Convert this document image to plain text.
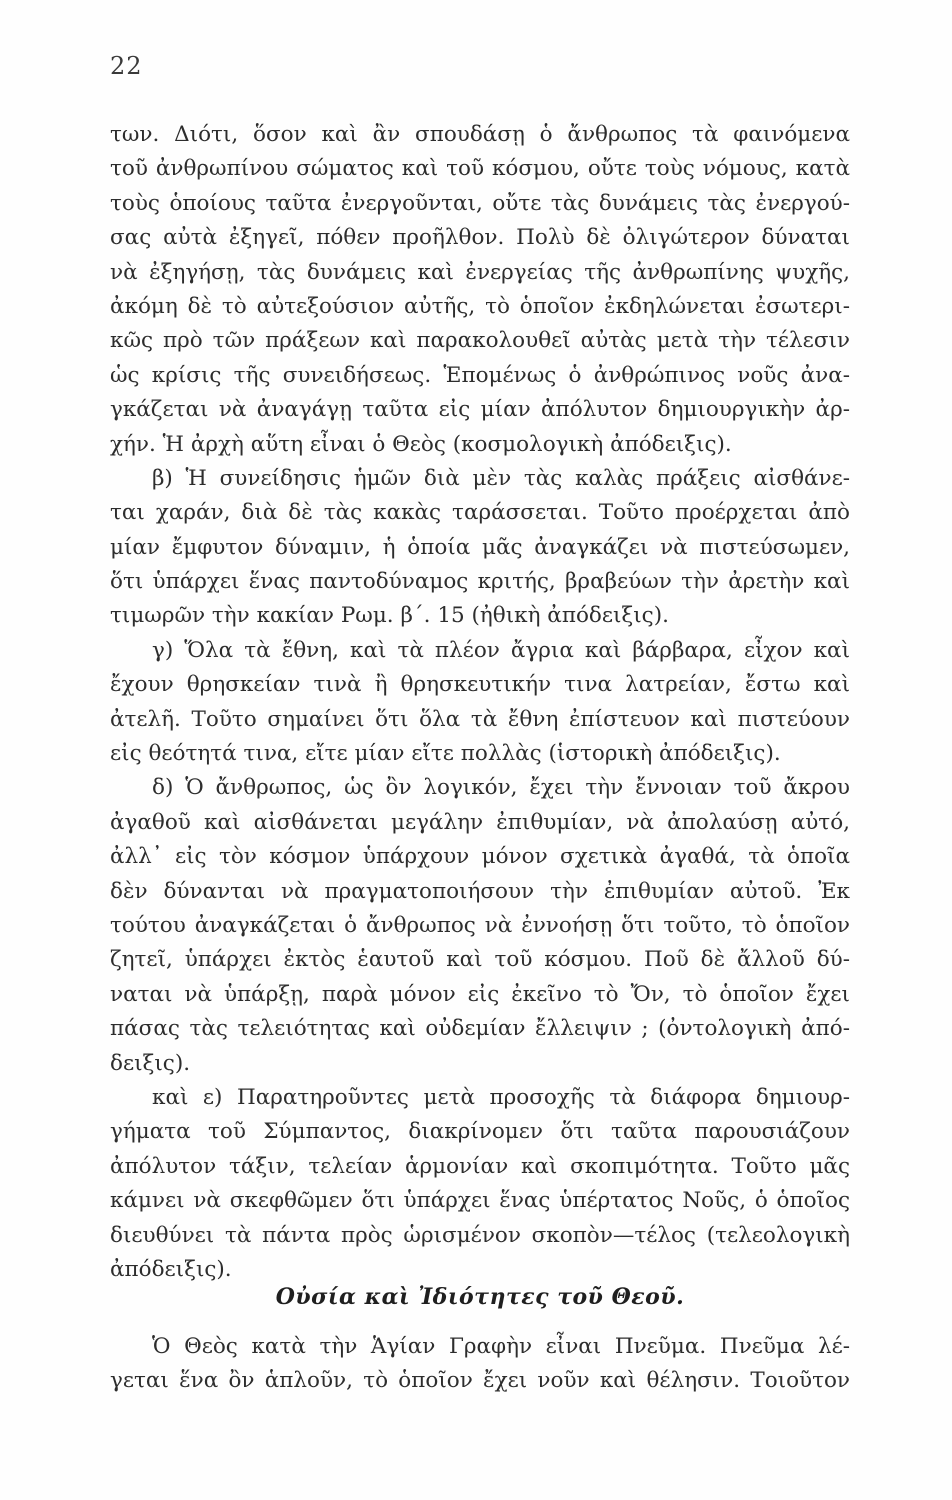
22
των. Διότι, ὅσον καὶ ἂν σπουδάσῃ ὁ ἄνθρωπος τὰ φαινόμενα
τοῦ ἀνθρωπίνου σώματος καὶ τοῦ κόσμου, οὔτε τοὺς νόμους, κατὰ
τοὺς ὁποίους ταῦτα ἐνεργοῦνται, οὔτε τὰς δυνάμεις τὰς ἐνεργού-
σας αὐτὰ ἐξηγεῖ, πόθεν προῆλθον. Πολὺ δὲ ὀλιγώτερον δύναται
νὰ ἐξηγήσῃ, τὰς δυνάμεις καὶ ἐνεργείας τῆς ἀνθρωπίνης ψυχῆς,
ἀκόμη δὲ τὸ αὐτεξούσιον αὐτῆς, τὸ ὁποῖον ἐκδηλώνεται ἐσωτερι-
κῶς πρὸ τῶν πράξεων καὶ παρακολουθεῖ αὐτὰς μετὰ τὴν τέλεσιν
ὡς κρίσις τῆς συνειδήσεως. Ἑπομένως ὁ ἀνθρώπινος νοῦς ἀνα-
γκάζεται νὰ ἀναγάγῃ ταῦτα εἰς μίαν ἀπόλυτον δημιουργικὴν ἀρ-
χήν. Ἡ ἀρχὴ αὕτη εἶναι ὁ Θεὸς (κοσμολογικὴ ἀπόδειξις).
β) Ἡ συνείδησις ἡμῶν διὰ μὲν τὰς καλὰς πράξεις αἰσθάνε-
ται χαράν, διὰ δὲ τὰς κακὰς ταράσσεται. Τοῦτο προέρχεται ἀπὸ
μίαν ἔμφυτον δύναμιν, ἡ ὁποία μᾶς ἀναγκάζει νὰ πιστεύσωμεν,
ὅτι ὑπάρχει ἕνας παντοδύναμος κριτής, βραβεύων τὴν ἀρετὴν καὶ
τιμωρῶν τὴν κακίαν Ρωμ. β΄. 15 (ἠθικὴ ἀπόδειξις).
γ) Ὅλα τὰ ἔθνη, καὶ τὰ πλέον ἄγρια καὶ βάρβαρα, εἶχον καὶ
ἔχουν θρησκείαν τινὰ ἢ θρησκευτικήν τινα λατρείαν, ἔστω καὶ
ἀτελῆ. Τοῦτο σημαίνει ὅτι ὅλα τὰ ἔθνη ἐπίστευον καὶ πιστεύουν
εἰς θεότητά τινα, εἴτε μίαν εἴτε πολλὰς (ἱστορικὴ ἀπόδειξις).
δ) Ὁ ἄνθρωπος, ὡς ὂν λογικόν, ἔχει τὴν ἔννοιαν τοῦ ἄκρου
ἀγαθοῦ καὶ αἰσθάνεται μεγάλην ἐπιθυμίαν, νὰ ἀπολαύσῃ αὐτό,
ἀλλ᾽ εἰς τὸν κόσμον ὑπάρχουν μόνον σχετικὰ ἀγαθά, τὰ ὁποῖα
δὲν δύνανται νὰ πραγματοποιήσουν τὴν ἐπιθυμίαν αὐτοῦ. Ἐκ
τούτου ἀναγκάζεται ὁ ἄνθρωπος νὰ ἐννοήσῃ ὅτι τοῦτο, τὸ ὁποῖον
ζητεῖ, ὑπάρχει ἐκτὸς ἑαυτοῦ καὶ τοῦ κόσμου. Ποῦ δὲ ἄλλοῦ δύ-
ναται νὰ ὑπάρξῃ, παρὰ μόνον εἰς ἐκεῖνο τὸ Ὄν, τὸ ὁποῖον ἔχει
πάσας τὰς τελειότητας καὶ οὐδεμίαν ἔλλειψιν ; (ὀντολογικὴ ἀπό-
δειξις).
καὶ ε) Παρατηροῦντες μετὰ προσοχῆς τὰ διάφορα δημιουρ-
γήματα τοῦ Σύμπαντος, διακρίνομεν ὅτι ταῦτα παρουσιάζουν
ἀπόλυτον τάξιν, τελείαν ἁρμονίαν καὶ σκοπιμότητα. Τοῦτο μᾶς
κάμνει νὰ σκεφθῶμεν ὅτι ὑπάρχει ἕνας ὑπέρτατος Νοῦς, ὁ ὁποῖος
διευθύνει τὰ πάντα πρὸς ὡρισμένον σκοπὸν—τέλος (τελεολογικὴ
ἀπόδειξις).
Οὐσία καὶ Ἰδιότητες τοῦ Θεοῦ.
Ὁ Θεὸς κατὰ τὴν Ἁγίαν Γραφὴν εἶναι Πνεῦμα. Πνεῦμα λέ-
γεται ἕνα ὂν ἁπλοῦν, τὸ ὁποῖον ἔχει νοῦν καὶ θέλησιν. Τοιοῦτον
